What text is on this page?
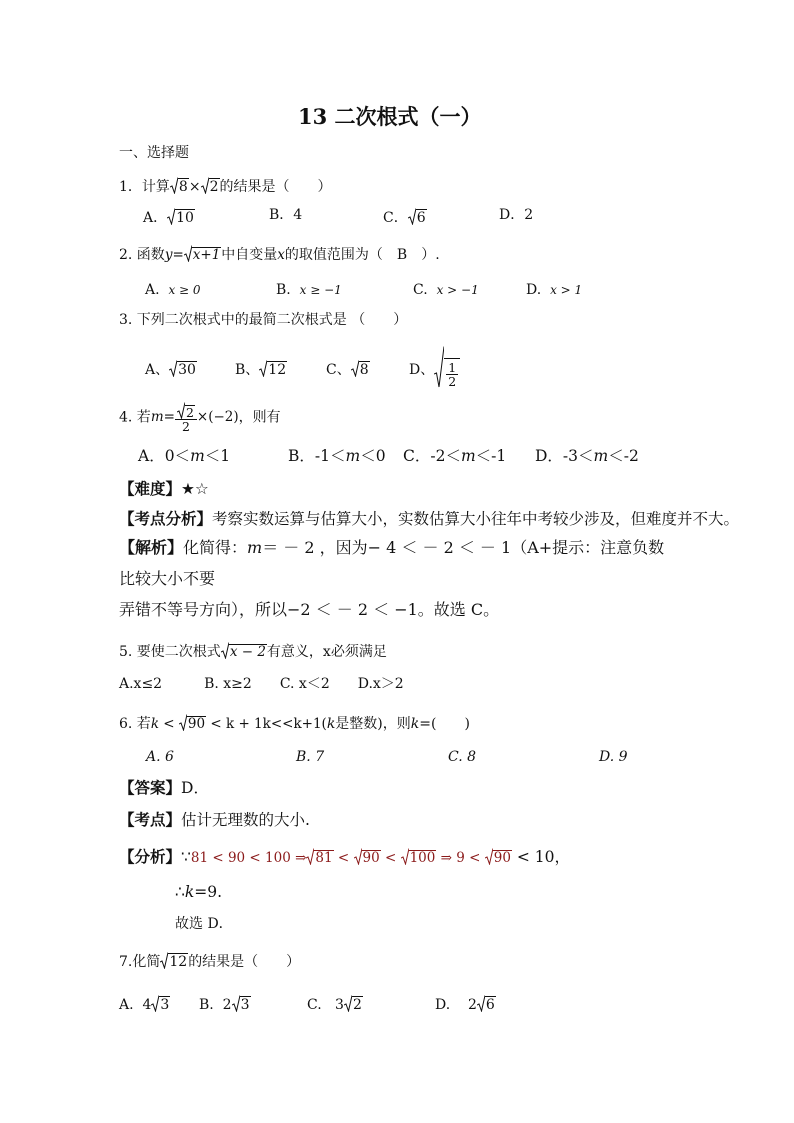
13 二次根式（一）
一、选择题
1．计算 8 × 2 的结果是（　　）
A． 10	B．4	C． 6	D．2
2. 函数y= x+1 中自变量x的取值范围为（　B　）.
A. x ≥ 0	B. x ≥ −1	C. x > −1	D. x > 1
3. 下列二次根式中的最简二次根式是 （　　）
A、 30	B、 12	C、 8	D、 $\frac{1}{2}$
4. 若$m= \frac{2}{2} \times(-2)$，则有
A．0＜m＜1	B．-1＜m＜0 C．-2＜m＜-1 D．-3＜m＜-2
【难度】★☆
【考点分析】考察实数运算与估算大小，实数估算大小往年中考较少涉及，但难度并不大。
【解析】化简得：m＝ － 2 ，因为− 4 ＜ － 2 ＜ － 1（A+提示：注意负数
比较大小不要
弄错不等号方向），所以−2 ＜ － 2 ＜ −1。故选 C。
5. 要使二次根式 x − 2 有意义，x必须满足
A.x≤2　　　B. x≥2　　C. x＜2　　D.x＞2
6. 若k < 90 < k + 1k<<k+1(k是整数)，则k=(　　)
A. 6	B. 7	C. 8	D. 9
【答案】D．
【考点】估计无理数的大小.
【分析】∵81 < 90 < 100 ⇒ 81 < 90 < 100 ⇒ 9 < 90 < 10，
∴k=9.
故选 D．
7.化简 12 的结果是（　　）
A. 4 3 B. 2 3	C. 3 2	D. 2 6
